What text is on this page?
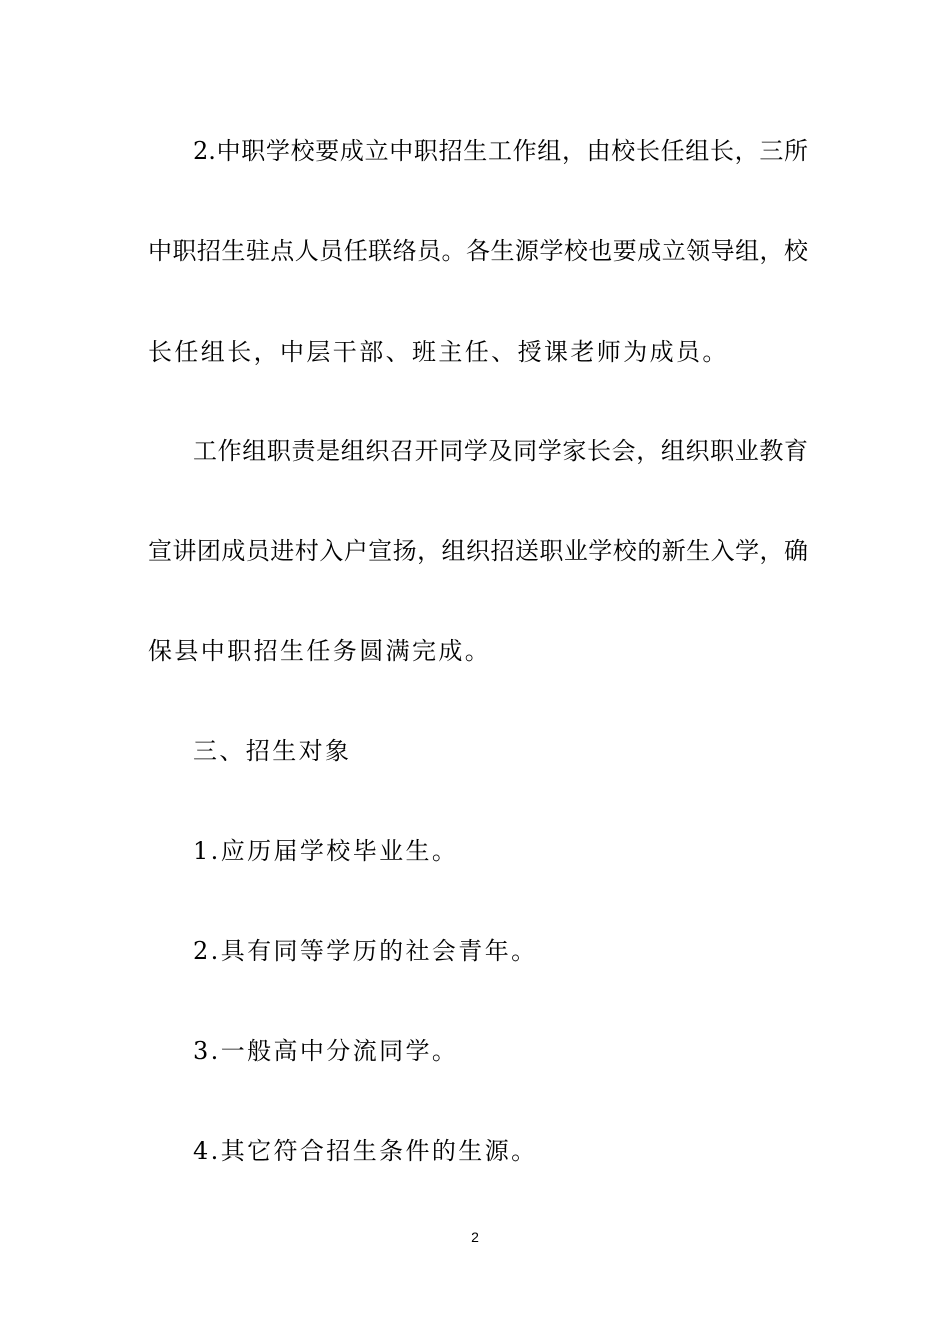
2.中职学校要成立中职招生工作组，由校长任组长，三所
中职招生驻点人员任联络员。各生源学校也要成立领导组，校
长任组长，中层干部、班主任、授课老师为成员。
工作组职责是组织召开同学及同学家长会，组织职业教育
宣讲团成员进村入户宣扬，组织招送职业学校的新生入学，确
保县中职招生任务圆满完成。
三、招生对象
1.应历届学校毕业生。
2.具有同等学历的社会青年。
3.一般高中分流同学。
4.其它符合招生条件的生源。
2
